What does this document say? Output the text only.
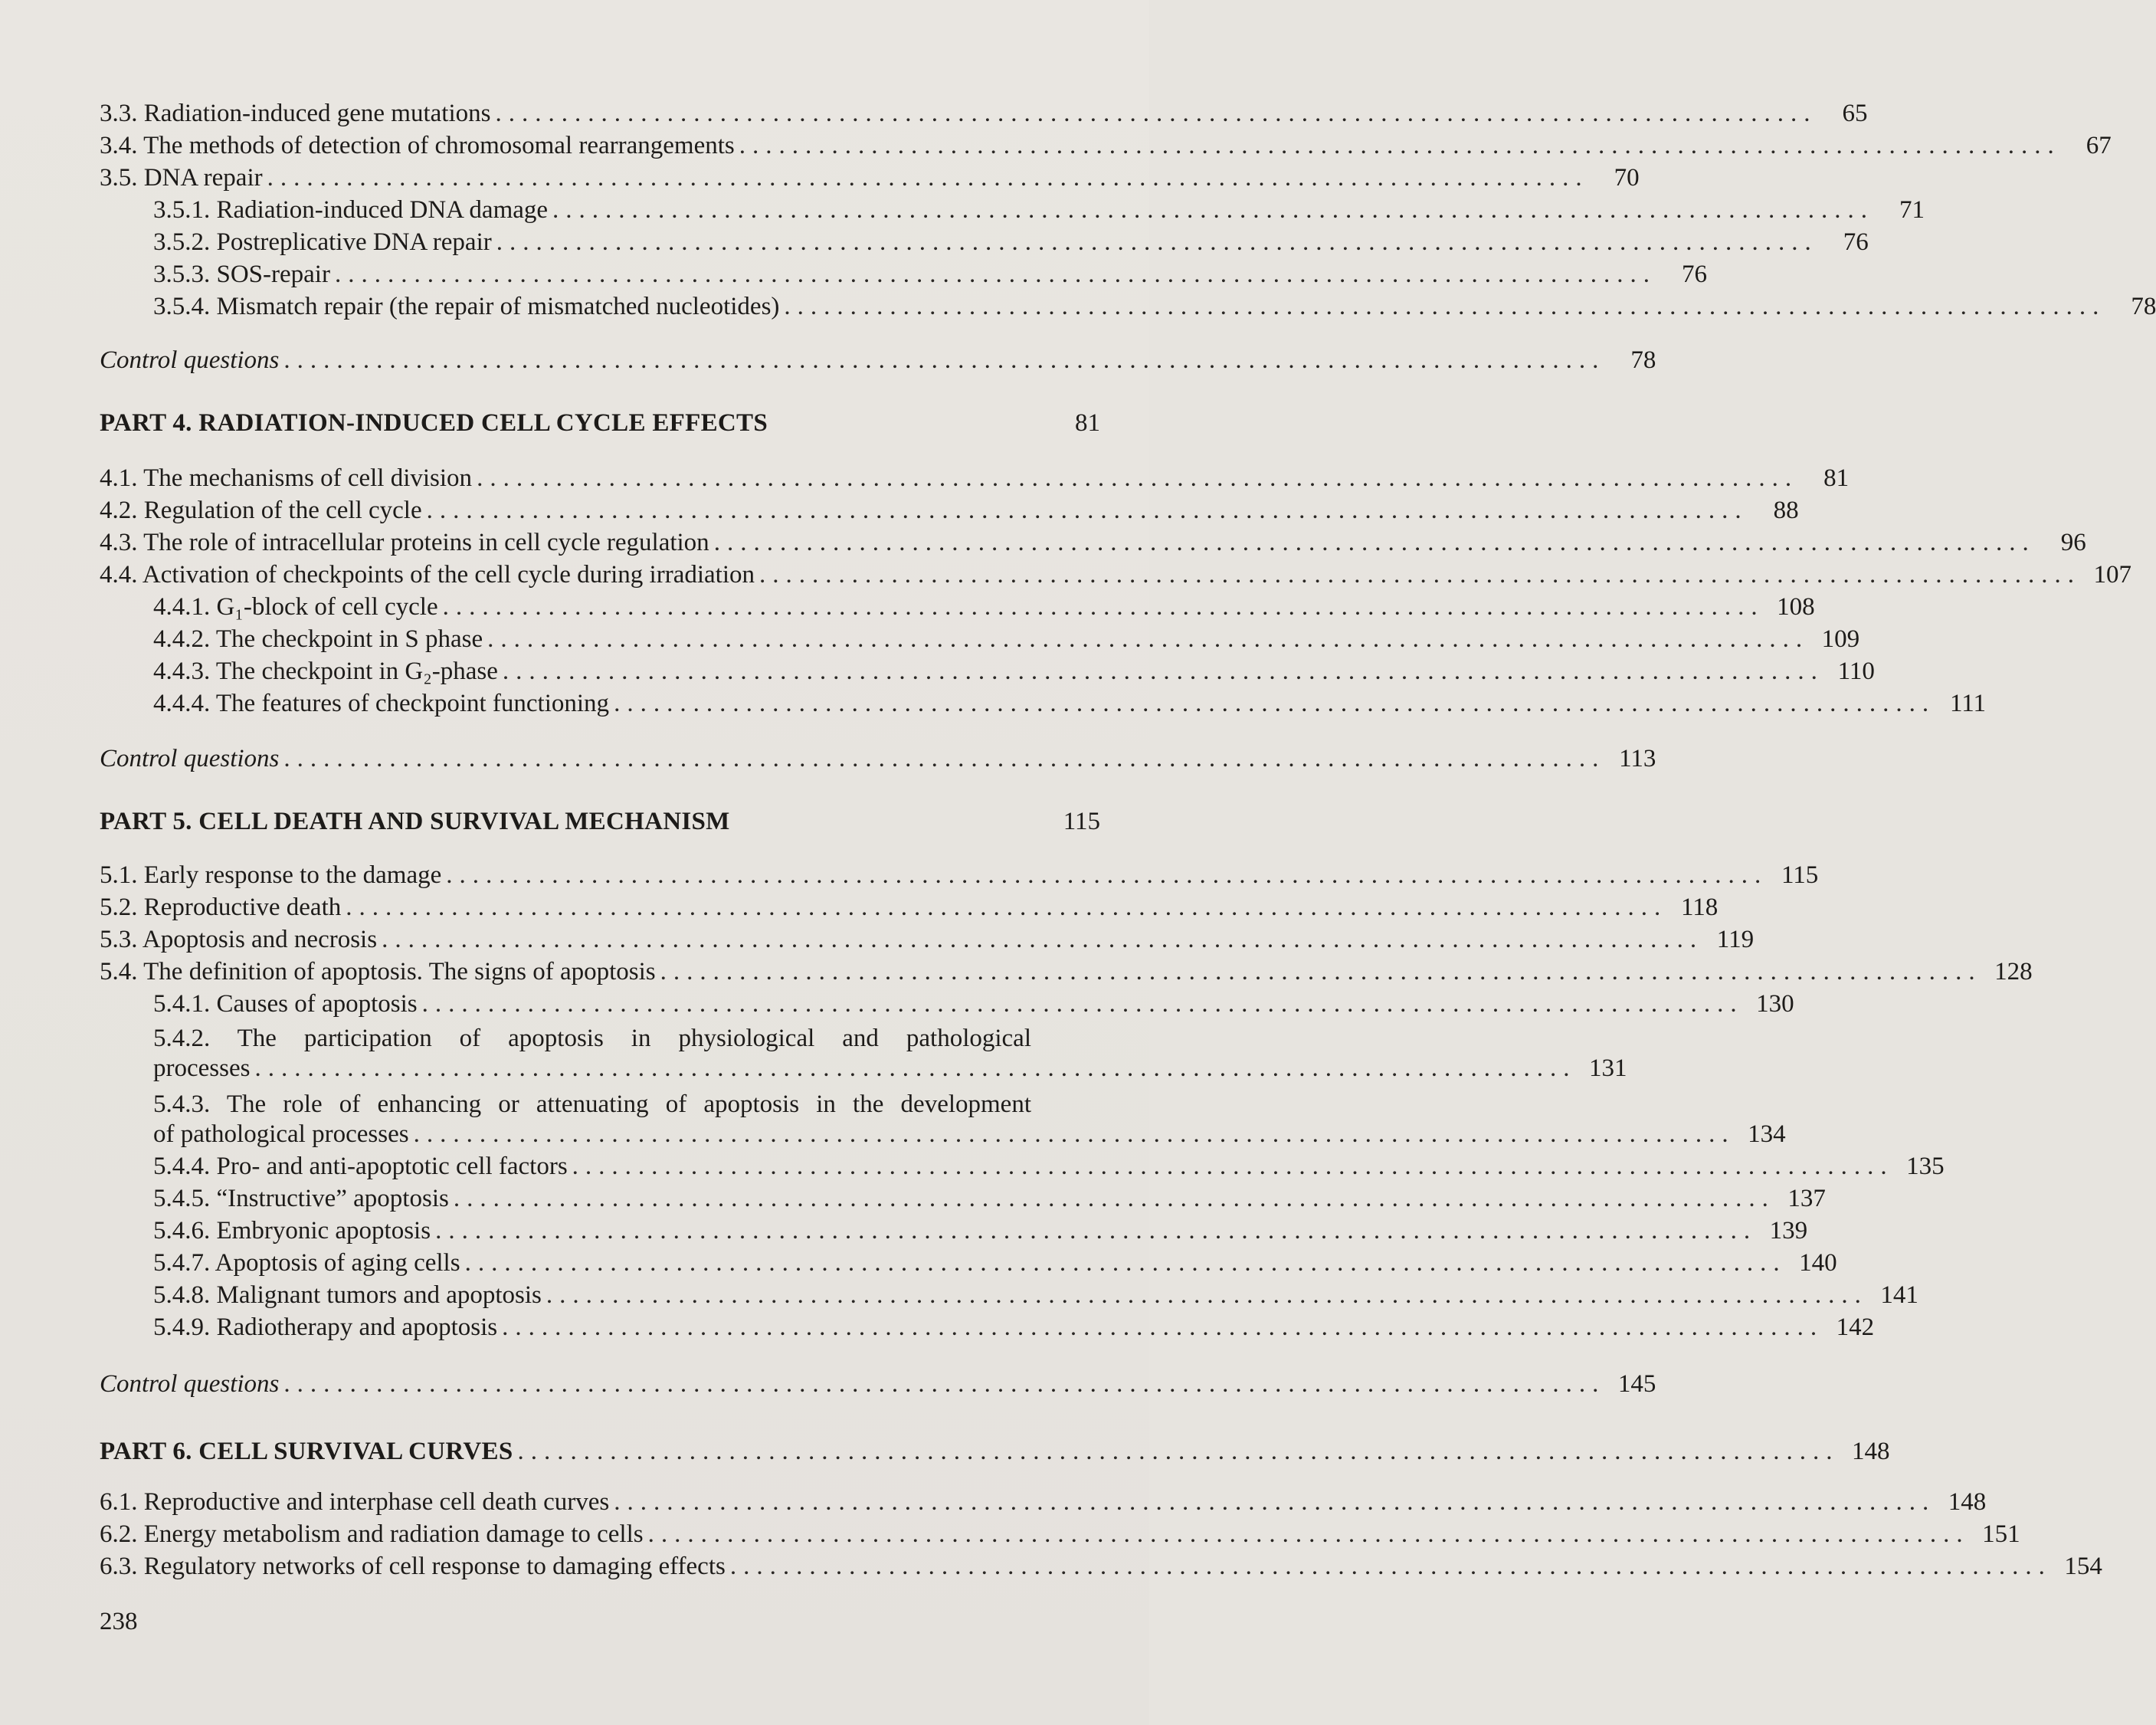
3.3. Radiation-induced gene mutations ....................................................................................................	65
3.4. The methods of detection of chromosomal rearrangements ....................................................................................................	67
3.5. DNA repair ....................................................................................................	70
3.5.1. Radiation-induced DNA damage ....................................................................................................	71
3.5.2. Postreplicative DNA repair ....................................................................................................	76
3.5.3. SOS-repair ....................................................................................................	76
3.5.4. Mismatch repair (the repair of mismatched nucleotides) ....................................................................................................	78
Control questions ....................................................................................................	78
PART 4. RADIATION-INDUCED CELL CYCLE EFFECTS	81
4.1. The mechanisms of cell division ....................................................................................................	81
4.2. Regulation of the cell cycle ....................................................................................................	88
4.3. The role of intracellular proteins in cell cycle regulation ....................................................................................................	96
4.4. Activation of checkpoints of the cell cycle during irradiation .................................................................................................... 107
4.4.1. G₁-block of cell cycle .................................................................................................... 108
4.4.2. The checkpoint in S phase .................................................................................................... 109
4.4.3. The checkpoint in G₂-phase .................................................................................................... 110
4.4.4. The features of checkpoint functioning .................................................................................................... 111
Control questions .................................................................................................... 113
PART 5. CELL DEATH AND SURVIVAL MECHANISM	115
5.1. Early response to the damage .................................................................................................... 115
5.2. Reproductive death .................................................................................................... 118
5.3. Apoptosis and necrosis .................................................................................................... 119
5.4. The definition of apoptosis. The signs of apoptosis .................................................................................................... 128
5.4.1. Causes of apoptosis .................................................................................................... 130
5.4.2. The participation of apoptosis in physiological and pathological
processes .................................................................................................... 131
5.4.3. The role of enhancing or attenuating of apoptosis in the development
of pathological processes .................................................................................................... 134
5.4.4. Pro- and anti-apoptotic cell factors .................................................................................................... 135
5.4.5. “Instructive” apoptosis .................................................................................................... 137
5.4.6. Embryonic apoptosis .................................................................................................... 139
5.4.7. Apoptosis of aging cells .................................................................................................... 140
5.4.8. Malignant tumors and apoptosis .................................................................................................... 141
5.4.9. Radiotherapy and apoptosis .................................................................................................... 142
Control questions .................................................................................................... 145
PART 6. CELL SURVIVAL CURVES .................................................................................................... 148
6.1. Reproductive and interphase cell death curves .................................................................................................... 148
6.2. Energy metabolism and radiation damage to cells .................................................................................................... 151
6.3. Regulatory networks of cell response to damaging effects .................................................................................................... 154
238
